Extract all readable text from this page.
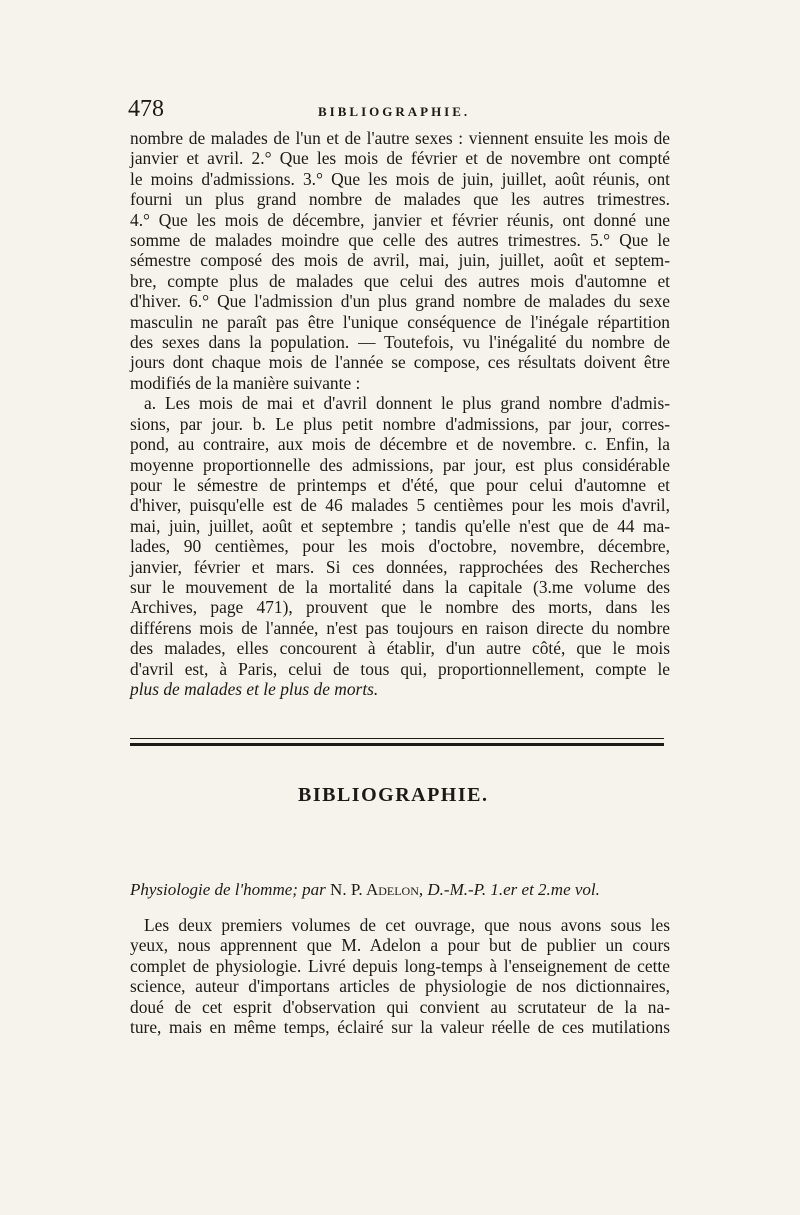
478	BIBLIOGRAPHIE.

nombre de malades de l'un et de l'autre sexes : viennent ensuite les mois de
janvier et avril. 2.° Que les mois de février et de novembre ont compté
le moins d'admissions. 3.° Que les mois de juin, juillet, août réunis, ont
fourni un plus grand nombre de malades que les autres trimestres.
4.° Que les mois de décembre, janvier et février réunis, ont donné une
somme de malades moindre que celle des autres trimestres. 5.° Que le
sémestre composé des mois de avril, mai, juin, juillet, août et septem-
bre, compte plus de malades que celui des autres mois d'automne et
d'hiver. 6.° Que l'admission d'un plus grand nombre de malades du sexe
masculin ne paraît pas être l'unique conséquence de l'inégale répartition
des sexes dans la population. — Toutefois, vu l'inégalité du nombre de
jours dont chaque mois de l'année se compose, ces résultats doivent être
modifiés de la manière suivante :

a. Les mois de mai et d'avril donnent le plus grand nombre d'admis-
sions, par jour. b. Le plus petit nombre d'admissions, par jour, corres-
pond, au contraire, aux mois de décembre et de novembre. c. Enfin, la
moyenne proportionnelle des admissions, par jour, est plus considérable
pour le sémestre de printemps et d'été, que pour celui d'automne et
d'hiver, puisqu'elle est de 46 malades 5 centièmes pour les mois d'avril,
mai, juin, juillet, août et septembre ; tandis qu'elle n'est que de 44 ma-
lades, 90 centièmes, pour les mois d'octobre, novembre, décembre,
janvier, février et mars. Si ces données, rapprochées des Recherches
sur le mouvement de la mortalité dans la capitale (3.me volume des
Archives, page 471), prouvent que le nombre des morts, dans les
différens mois de l'année, n'est pas toujours en raison directe du nombre
des malades, elles concourent à établir, d'un autre côté, que le mois
d'avril est, à Paris, celui de tous qui, proportionnellement, compte le
plus de malades et le plus de morts.

BIBLIOGRAPHIE.
Physiologie de l'homme; par N. P. Adelon, D.-M.-P. 1.er et 2.me vol.

Les deux premiers volumes de cet ouvrage, que nous avons sous les
yeux, nous apprennent que M. Adelon a pour but de publier un cours
complet de physiologie. Livré depuis long-temps à l'enseignement de cette
science, auteur d'importans articles de physiologie de nos dictionnaires,
doué de cet esprit d'observation qui convient au scrutateur de la na-
ture, mais en même temps, éclairé sur la valeur réelle de ces mutilations
